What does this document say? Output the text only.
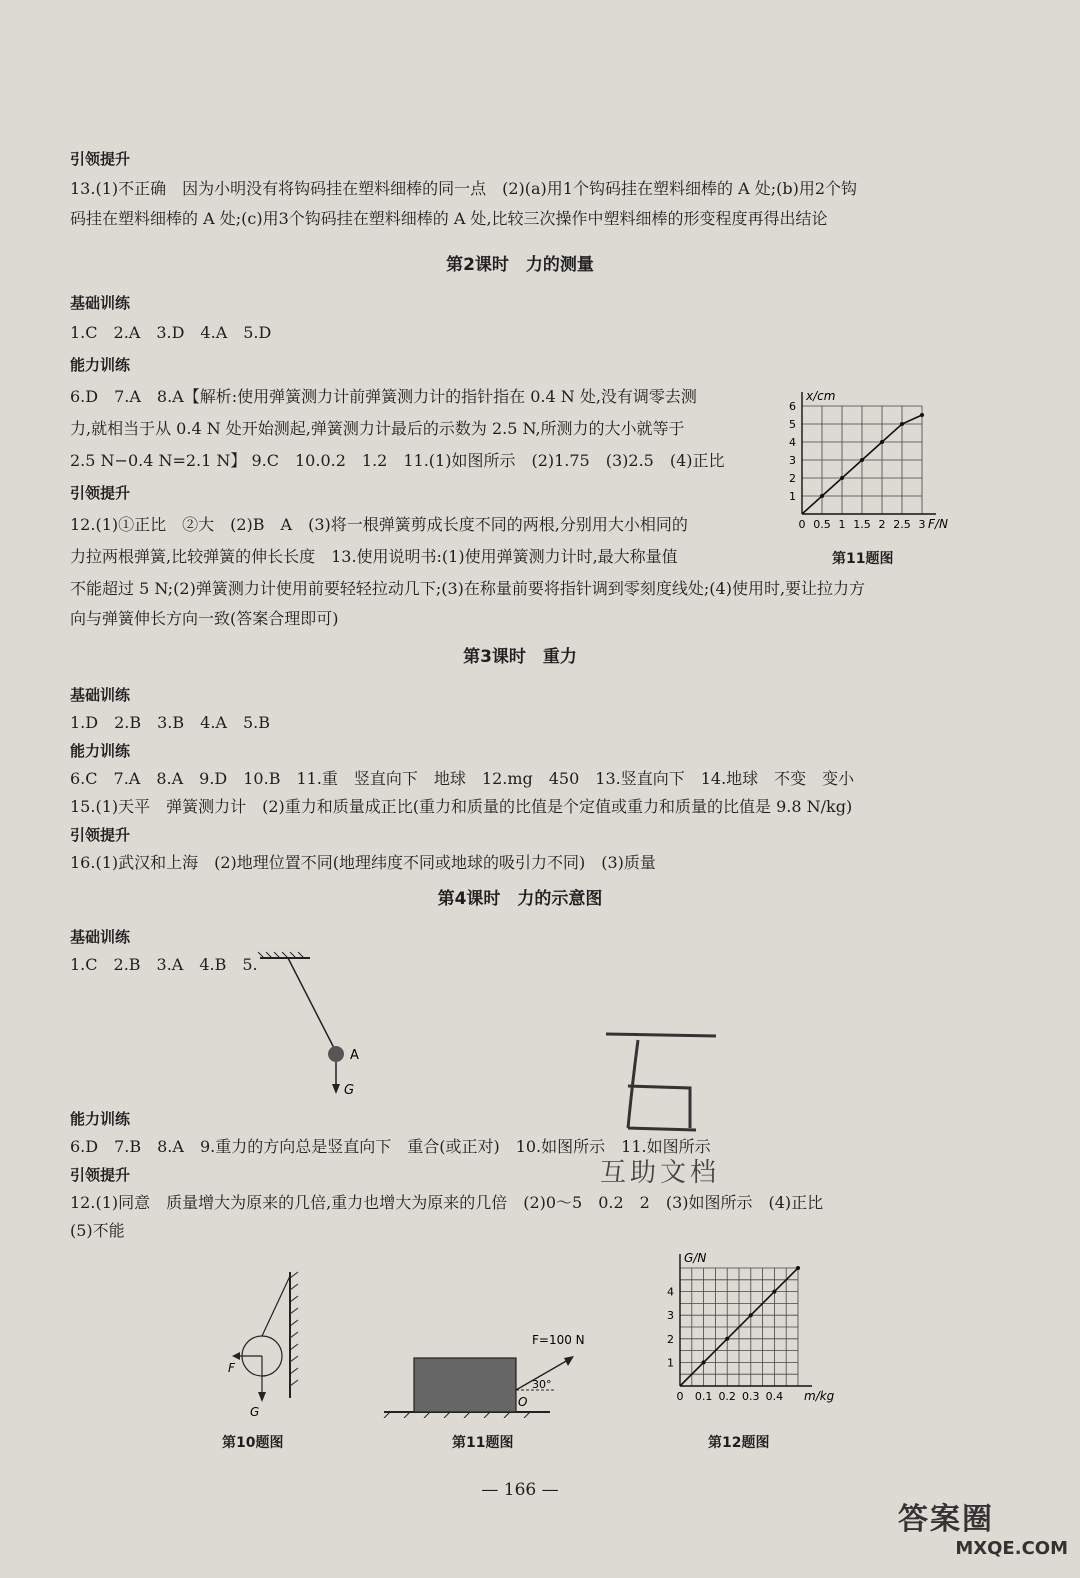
引领提升
13.(1)不正确　因为小明没有将钩码挂在塑料细棒的同一点　(2)(a)用1个钩码挂在塑料细棒的 A 处;(b)用2个钩
码挂在塑料细棒的 A 处;(c)用3个钩码挂在塑料细棒的 A 处,比较三次操作中塑料细棒的形变程度再得出结论
第2课时　力的测量
基础训练
1.C　2.A　3.D　4.A　5.D
能力训练
6.D　7.A　8.A【解析:使用弹簧测力计前弹簧测力计的指针指在 0.4 N 处,没有调零去测
力,就相当于从 0.4 N 处开始测起,弹簧测力计最后的示数为 2.5 N,所测力的大小就等于
2.5 N−0.4 N=2.1 N】 9.C　10.0.2　1.2　11.(1)如图所示　(2)1.75　(3)2.5　(4)正比
引领提升
12.(1)①正比　②大　(2)B　A　(3)将一根弹簧剪成长度不同的两根,分别用大小相同的
力拉两根弹簧,比较弹簧的伸长长度　13.使用说明书:(1)使用弹簧测力计时,最大称量值
不能超过 5 N;(2)弹簧测力计使用前要轻轻拉动几下;(3)在称量前要将指针调到零刻度线处;(4)使用时,要让拉力方
向与弹簧伸长方向一致(答案合理即可)
0 0.5 1 1.5 2 2.5 3
1
2
3
4
5
6
x/cm
F/N
第11题图
第3课时　重力
基础训练
1.D　2.B　3.B　4.A　5.B
能力训练
6.C　7.A　8.A　9.D　10.B　11.重　竖直向下　地球　12.mg　450　13.竖直向下　14.地球　不变　变小
15.(1)天平　弹簧测力计　(2)重力和质量成正比(重力和质量的比值是个定值或重力和质量的比值是 9.8 N/kg)
引领提升
16.(1)武汉和上海　(2)地理位置不同(地理纬度不同或地球的吸引力不同)　(3)质量
第4课时　力的示意图
基础训练
1.C　2.B　3.A　4.B　5.
A
G
互助文档
能力训练
6.D　7.B　8.A　9.重力的方向总是竖直向下　重合(或正对)　10.如图所示　11.如图所示
引领提升
12.(1)同意　质量增大为原来的几倍,重力也增大为原来的几倍　(2)0～5　0.2　2　(3)如图所示　(4)正比
(5)不能
F
G
第10题图
O
30°
F=100 N
第11题图
0 0.1 0.2 0.3 0.4
1
2
3
4
G/N
m/kg
第12题图
— 166 —
答案圈
MXQE.COM
